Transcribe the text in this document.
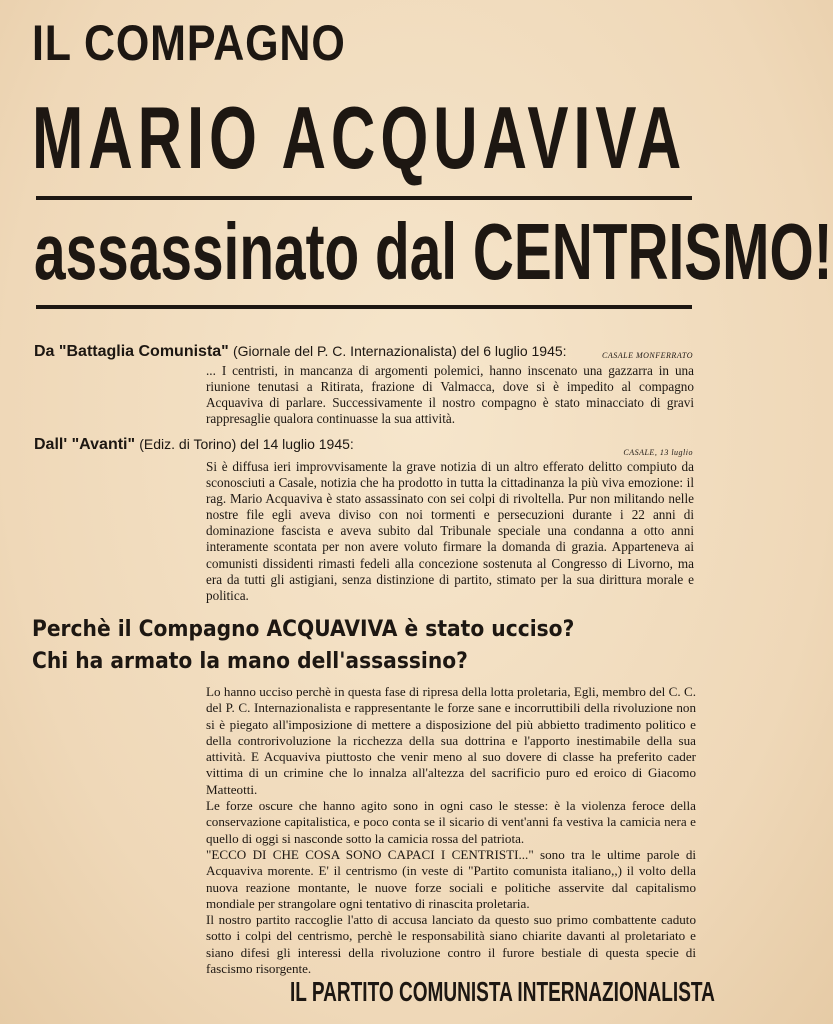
IL COMPAGNO
MARIO ACQUAVIVA
assassinato dal CENTRISMO!
Da "Battaglia Comunista" (Giornale del P. C. Internazionalista) del 6 luglio 1945:	CASALE MONFERRATO

... I centristi, in mancanza di argomenti polemici, hanno inscenato una gazzarra in una riunione tenutasi a Ritirata, frazione di Valmacca, dove si è impedito al compagno Acquaviva di parlare. Successivamente il nostro compagno è stato minacciato di gravi rappresaglie qualora continuasse la sua attività.

Dall' "Avanti" (Ediz. di Torino) del 14 luglio 1945:
CASALE, 13 luglio

Si è diffusa ieri improvvisamente la grave notizia di un altro efferato delitto compiuto da sconosciuti a Casale, notizia che ha prodotto in tutta la cittadinanza la più viva emozione: il rag. Mario Acquaviva è stato assassinato con sei colpi di rivoltella. Pur non militando nelle nostre file egli aveva diviso con noi tormenti e persecuzioni durante i 22 anni di dominazione fascista e aveva subito dal Tribunale speciale una condanna a otto anni interamente scontata per non avere voluto firmare la domanda di grazia. Apparteneva ai comunisti dissidenti rimasti fedeli alla concezione sostenuta al Congresso di Livorno, ma era da tutti gli astigiani, senza distinzione di partito, stimato per la sua dirittura morale e politica.

Perchè il Compagno ACQUAVIVA è stato ucciso?
Chi ha armato la mano dell'assassino?

Lo hanno ucciso perchè in questa fase di ripresa della lotta proletaria, Egli, membro del C. C. del P. C. Internazionalista e rappresentante le forze sane e incorruttibili della rivoluzione non si è piegato all'imposizione di mettere a disposizione del più abbietto tradimento politico e della controrivoluzione la ricchezza della sua dottrina e l'apporto inestimabile della sua attività. E Acquaviva piuttosto che venir meno al suo dovere di classe ha preferito cader vittima di un crimine che lo innalza all'altezza del sacrificio puro ed eroico di Giacomo Matteotti.

Le forze oscure che hanno agito sono in ogni caso le stesse: è la violenza feroce della conservazione capitalistica, e poco conta se il sicario di vent'anni fa vestiva la camicia nera e quello di oggi si nasconde sotto la camicia rossa del patriota.

"ECCO DI CHE COSA SONO CAPACI I CENTRISTI..." sono tra le ultime parole di Acquaviva morente. E' il centrismo (in veste di "Partito comunista italiano,,) il volto della nuova reazione montante, le nuove forze sociali e politiche asservite dal capitalismo mondiale per strangolare ogni tentativo di rinascita proletaria.

Il nostro partito raccoglie l'atto di accusa lanciato da questo suo primo combattente caduto sotto i colpi del centrismo, perchè le responsabilità siano chiarite davanti al proletariato e siano difesi gli interessi della rivoluzione contro il furore bestiale di questa specie di fascismo risorgente.

IL PARTITO COMUNISTA INTERNAZIONALISTA
